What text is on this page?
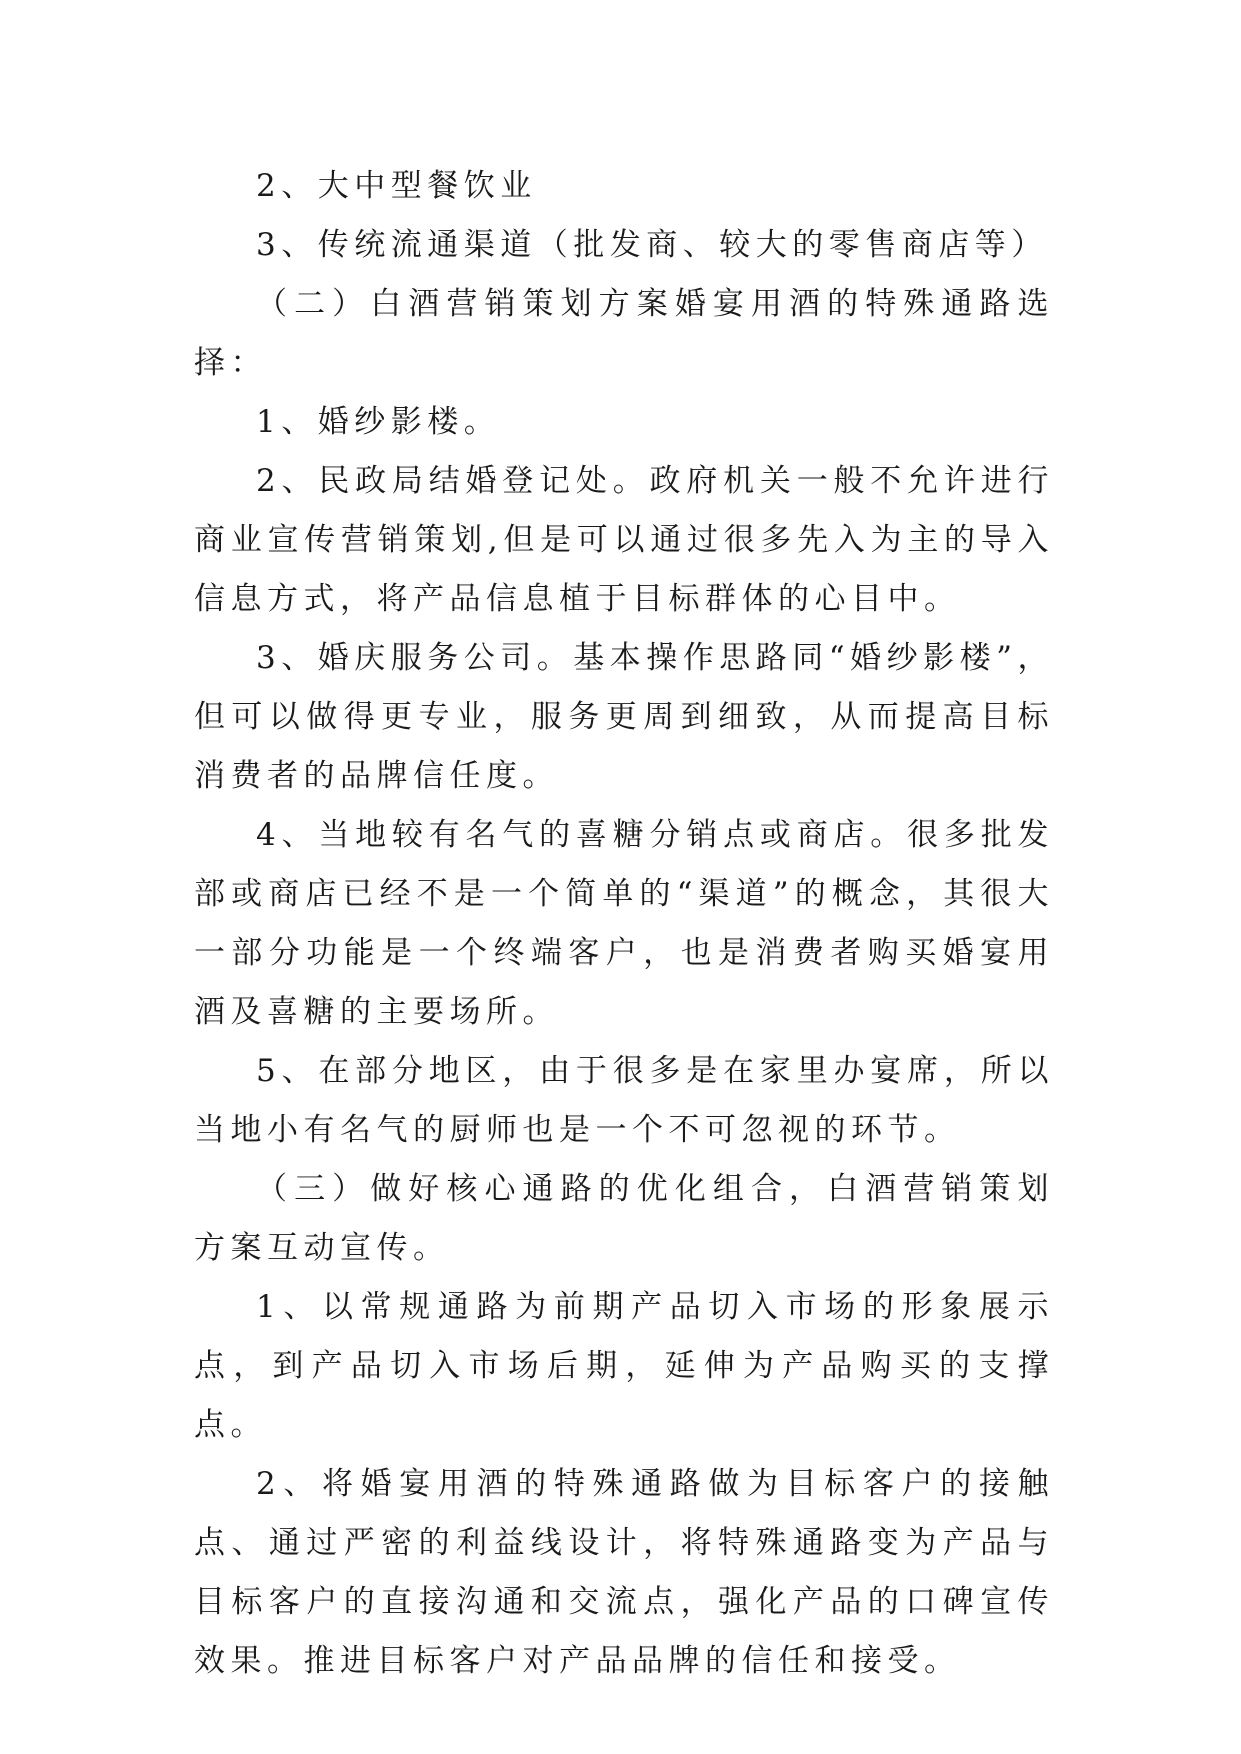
2、大中型餐饮业

3、传统流通渠道（批发商、较大的零售商店等）

（二）白酒营销策划方案婚宴用酒的特殊通路选择：

1、婚纱影楼。

2、民政局结婚登记处。政府机关一般不允许进行商业宣传营销策划,但是可以通过很多先入为主的导入信息方式，将产品信息植于目标群体的心目中。

3、婚庆服务公司。基本操作思路同“婚纱影楼”，但可以做得更专业，服务更周到细致，从而提高目标消费者的品牌信任度。

4、当地较有名气的喜糖分销点或商店。很多批发部或商店已经不是一个简单的“渠道”的概念，其很大一部分功能是一个终端客户，也是消费者购买婚宴用酒及喜糖的主要场所。

5、在部分地区，由于很多是在家里办宴席，所以当地小有名气的厨师也是一个不可忽视的环节。

（三）做好核心通路的优化组合，白酒营销策划方案互动宣传。

1、以常规通路为前期产品切入市场的形象展示点，到产品切入市场后期，延伸为产品购买的支撑点。

2、将婚宴用酒的特殊通路做为目标客户的接触点、通过严密的利益线设计，将特殊通路变为产品与目标客户的直接沟通和交流点，强化产品的口碑宣传效果。推进目标客户对产品品牌的信任和接受。
